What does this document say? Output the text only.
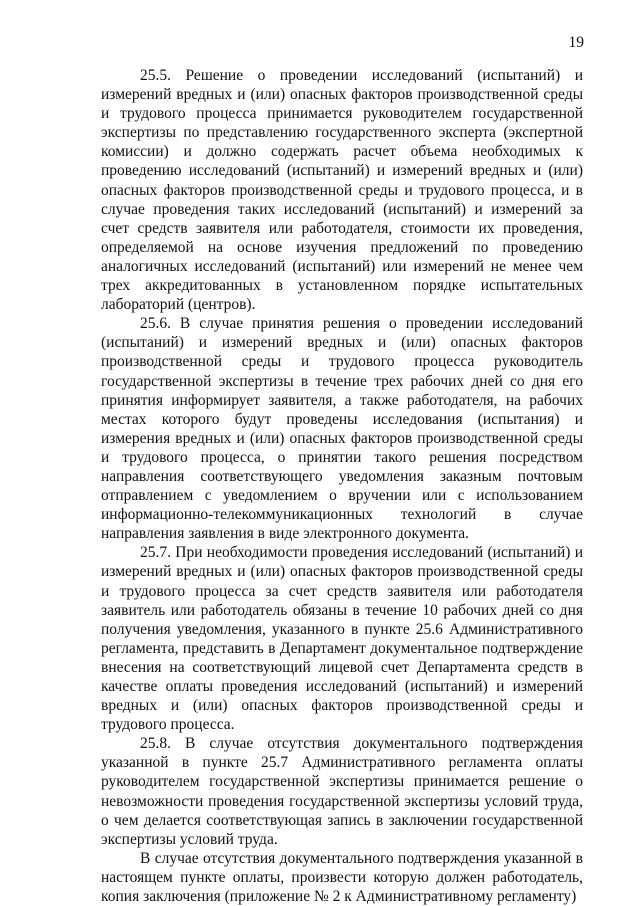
19

25.5. Решение о проведении исследований (испытаний) и измерений вредных и (или) опасных факторов производственной среды и трудового процесса принимается руководителем государственной экспертизы по представлению государственного эксперта (экспертной комиссии) и должно содержать расчет объема необходимых к проведению исследований (испытаний) и измерений вредных и (или) опасных факторов производственной среды и трудового процесса, и в случае проведения таких исследований (испытаний) и измерений за счет средств заявителя или работодателя, стоимости их проведения, определяемой на основе изучения предложений по проведению аналогичных исследований (испытаний) или измерений не менее чем трех аккредитованных в установленном порядке испытательных лабораторий (центров).

25.6. В случае принятия решения о проведении исследований (испытаний) и измерений вредных и (или) опасных факторов производственной среды и трудового процесса руководитель государственной экспертизы в течение трех рабочих дней со дня его принятия информирует заявителя, а также работодателя, на рабочих местах которого будут проведены исследования (испытания) и измерения вредных и (или) опасных факторов производственной среды и трудового процесса, о принятии такого решения посредством направления соответствующего уведомления заказным почтовым отправлением с уведомлением о вручении или с использованием информационно-телекоммуникационных технологий в случае направления заявления в виде электронного документа.

25.7. При необходимости проведения исследований (испытаний) и измерений вредных и (или) опасных факторов производственной среды и трудового процесса за счет средств заявителя или работодателя заявитель или работодатель обязаны в течение 10 рабочих дней со дня получения уведомления, указанного в пункте 25.6 Административного регламента, представить в Департамент документальное подтверждение внесения на соответствующий лицевой счет Департамента средств в качестве оплаты проведения исследований (испытаний) и измерений вредных и (или) опасных факторов производственной среды и трудового процесса.

25.8. В случае отсутствия документального подтверждения указанной в пункте 25.7 Административного регламента оплаты руководителем государственной экспертизы принимается решение о невозможности проведения государственной экспертизы условий труда, о чем делается соответствующая запись в заключении государственной экспертизы условий труда.

В случае отсутствия документального подтверждения указанной в настоящем пункте оплаты, произвести которую должен работодатель, копия заключения (приложение № 2 к Административному регламенту)
